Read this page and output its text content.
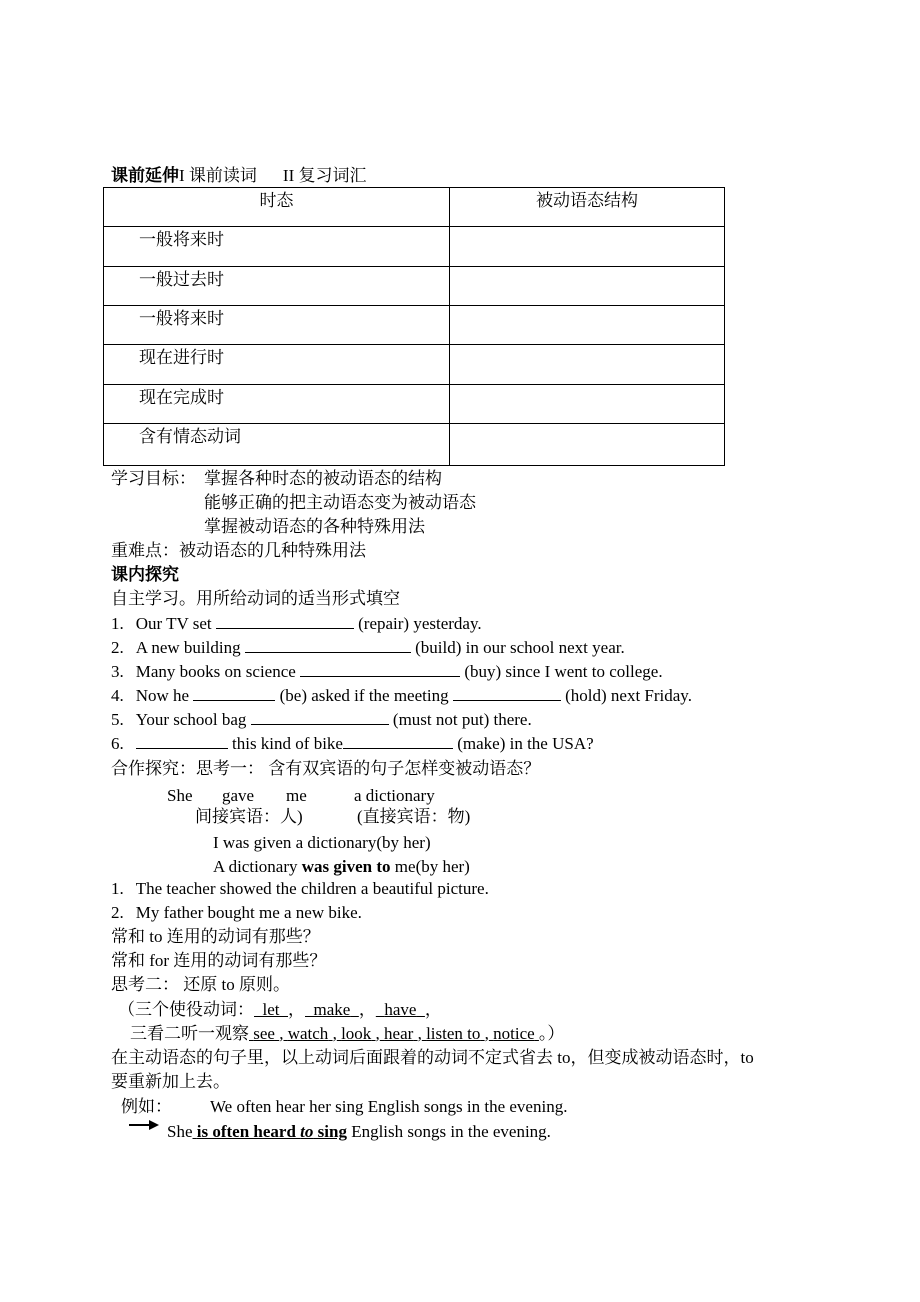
课前延伸I 课前读词 II 复习词汇
时态	被动语态结构
一般将来时	
一般过去时	
一般将来时	
现在进行时	
现在完成时	
含有情态动词	
学习目标： 掌握各种时态的被动语态的结构
能够正确的把主动语态变为被动语态
掌握被动语态的各种特殊用法
重难点：被动语态的几种特殊用法
课内探究
自主学习。用所给动词的适当形式填空
1. Our TV set	(repair) yesterday.
2. A new building	(build) in our school next year.
3. Many books on science	(buy) since I went to college.
4. Now he	(be) asked if the meeting	(hold) next Friday.
5. Your school bag	(must not put) there.
6.	this kind of bike	(make) in the USA?
合作探究：思考一： 含有双宾语的句子怎样变被动语态？
She gave me	a dictionary
间接宾语：人)	(直接宾语：物)
I was given a dictionary(by her)
A dictionary was given to me(by her)
1. The teacher showed the children a beautiful picture.
2. My father bought me a new bike.
常和 to 连用的动词有那些？
常和 for 连用的动词有那些？
思考二： 还原 to 原则。
（三个使役动词： let ， make ， have ，
三看二听一观察 see , watch , look , hear , listen to , notice 。）
在主动语态的句子里，以上动词后面跟着的动词不定式省去 to，但变成被动语态时，to
要重新加上去。
例如： We often hear her sing English songs in the evening.
She is often heard to sing English songs in the evening.
